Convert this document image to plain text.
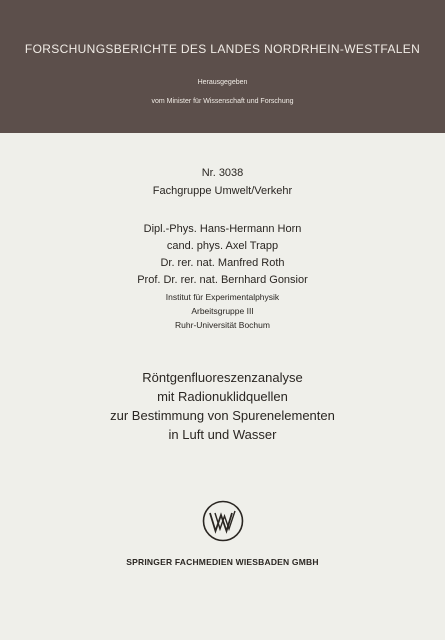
FORSCHUNGSBERICHTE DES LANDES NORDRHEIN-WESTFALEN
Herausgegeben
vom Minister für Wissenschaft und Forschung
Nr. 3038
Fachgruppe Umwelt/Verkehr
Dipl.-Phys. Hans-Hermann Horn
cand. phys. Axel Trapp
Dr. rer. nat. Manfred Roth
Prof. Dr. rer. nat. Bernhard Gonsior
Institut für Experimentalphysik
Arbeitsgruppe III
Ruhr-Universität Bochum
Röntgenfluoreszenzanalyse
mit Radionuklidquellen
zur Bestimmung von Spurenelementen
in Luft und Wasser
SPRINGER FACHMEDIEN WIESBADEN GMBH
